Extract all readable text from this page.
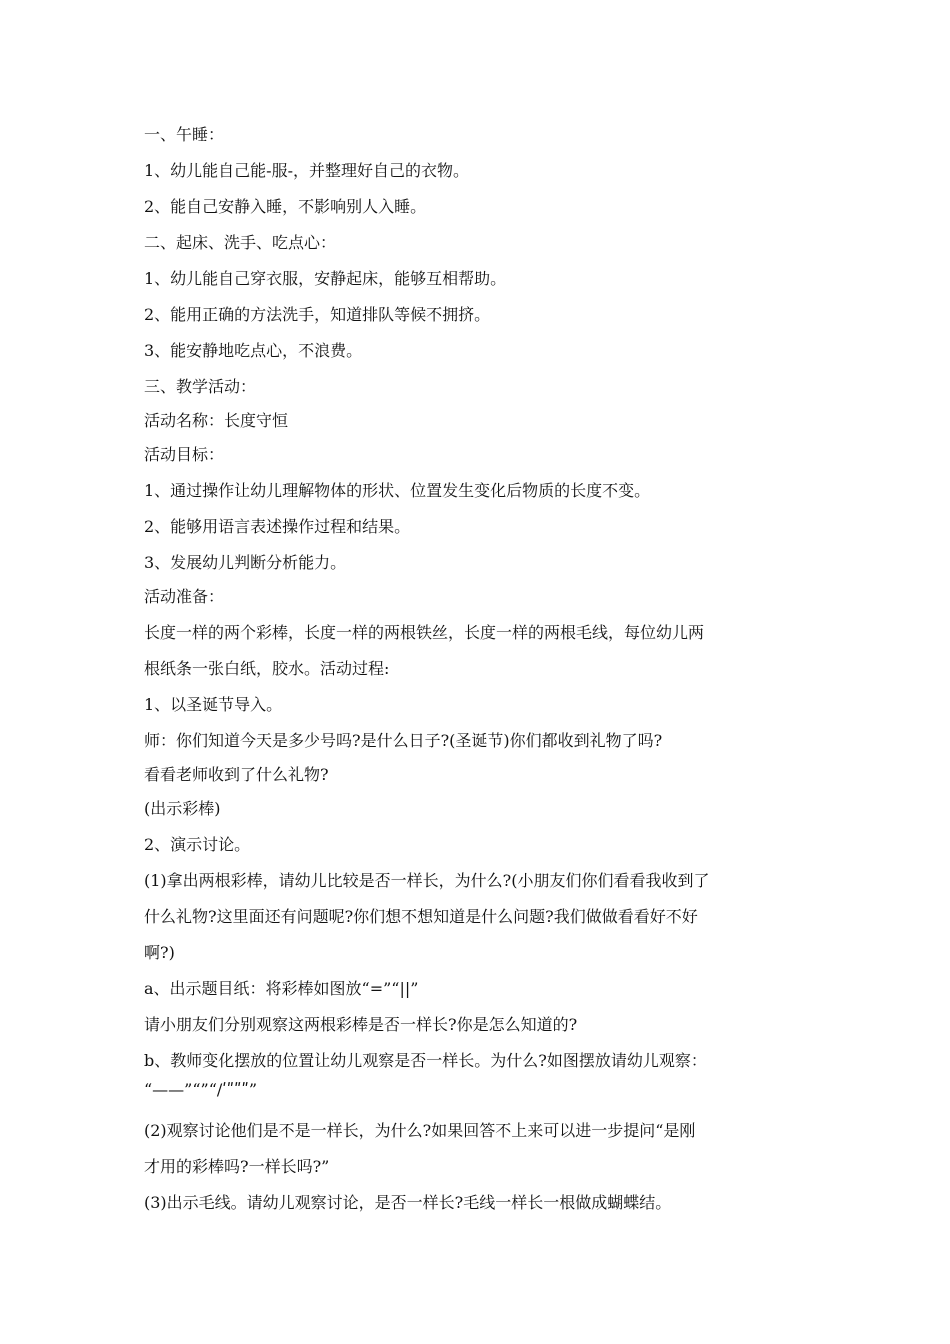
一、午睡：
1、幼儿能自己能-服-，并整理好自己的衣物。
2、能自己安静入睡，不影响别人入睡。
二、起床、洗手、吃点心：
1、幼儿能自己穿衣服，安静起床，能够互相帮助。
2、能用正确的方法洗手，知道排队等候不拥挤。
3、能安静地吃点心，不浪费。
三、教学活动：
活动名称：长度守恒
活动目标：
1、通过操作让幼儿理解物体的形状、位置发生变化后物质的长度不变。
2、能够用语言表述操作过程和结果。
3、发展幼儿判断分析能力。
活动准备：
长度一样的两个彩棒，长度一样的两根铁丝，长度一样的两根毛线，每位幼儿两
根纸条一张白纸，胶水。活动过程:
1、以圣诞节导入。
师：你们知道今天是多少号吗?是什么日子?(圣诞节)你们都收到礼物了吗?
看看老师收到了什么礼物?
(出示彩棒)
2、演示讨论。
(1)拿出两根彩棒，请幼儿比较是否一样长，为什么?(小朋友们你们看看我收到了
什么礼物?这里面还有问题呢?你们想不想知道是什么问题?我们做做看看好不好
啊?)
a、出示题目纸：将彩棒如图放“=”“||”
请小朋友们分别观察这两根彩棒是否一样长?你是怎么知道的?
b、教师变化摆放的位置让幼儿观察是否一样长。为什么?如图摆放请幼儿观察：
“——”“”“/ʹʺʺʺ”
(2)观察讨论他们是不是一样长，为什么?如果回答不上来可以进一步提问“是刚
才用的彩棒吗?一样长吗?”
(3)出示毛线。请幼儿观察讨论，是否一样长?毛线一样长一根做成蝴蝶结。
